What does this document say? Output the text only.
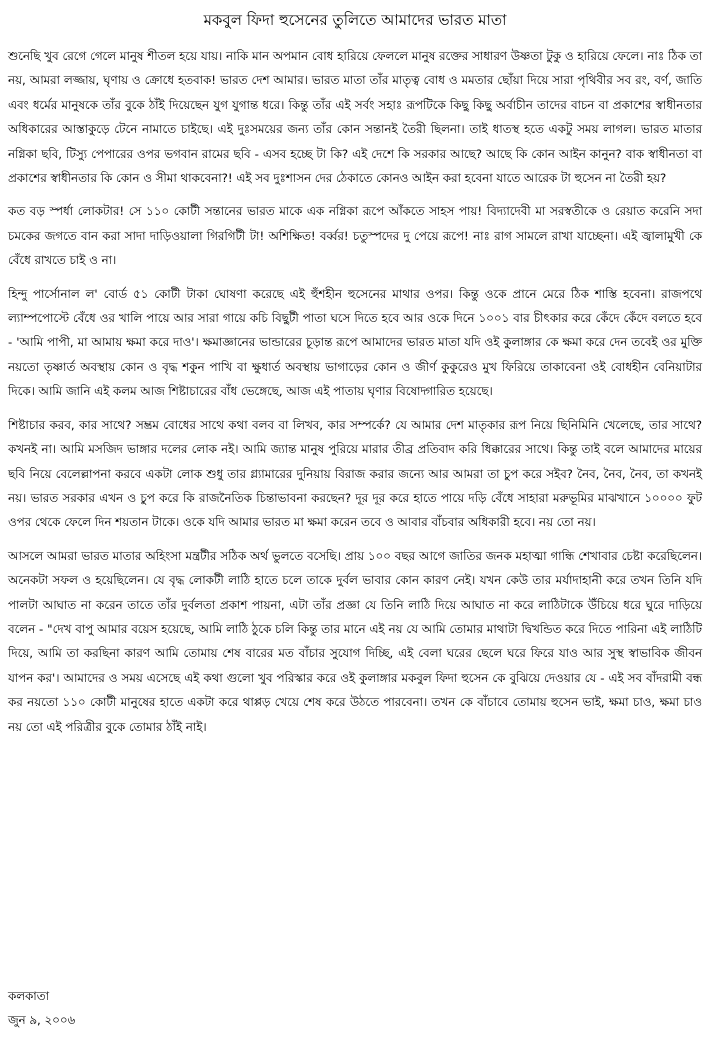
মকবুল ফিদা হুসেনের তুলিতে আমাদের ভারত মাতা

শুনেছি খুব রেগে গেলে মানুষ শীতল হয়ে যায়। নাকি মান অপমান বোধ হারিয়ে ফেললে মানুষ রক্তের সাধারণ উষ্ণতা টুকু ও হারিয়ে ফেলে। নাঃ ঠিক তা নয়, আমরা লজ্জায়, ঘৃণায় ও ক্রোধে হতবাক! ভারত দেশ আমার। ভারত মাতা তাঁর মাতৃত্ব বোধ ও মমতার ছোঁয়া দিয়ে সারা পৃথিবীর সব রং, বর্ণ, জাতি এবং ধর্মের মানুষকে তাঁর বুকে ঠাঁই দিয়েছেন যুগ যুগান্ত ধরে। কিন্তু তাঁর এই সর্বং সহাঃ রূপটিকে কিছু কিছু অর্বাচীন তাদের বাচন বা প্রকাশের স্বাধীনতার অধিকারের আস্তাকুড়ে টেনে নামাতে চাইছে। এই দুঃসময়ের জন্য তাঁর কোন সন্তানই তৈরী ছিলনা। তাই ধাতস্থ হতে একটু সময় লাগল। ভারত মাতার নগ্নিকা ছবি, টিস্যু পেপারের ওপর ভগবান রামের ছবি - এসব হচ্ছে টা কি? এই দেশে কি সরকার আছে? আছে কি কোন আইন কানুন? বাক স্বাধীনতা বা প্রকাশের স্বাধীনতার কি কোন ও সীমা থাকবেনা?! এই সব দুঃশাসন দের ঠেকাতে কোনও আইন করা হবেনা যাতে আরেক টা হুসেন না তৈরী হয়?

কত বড় স্পর্ধা লোকটার! সে ১১০ কোটী সন্তানের ভারত মাকে এক নগ্নিকা রূপে আঁকতে সাহস পায়! বিদ্যাদেবী মা সরস্বতীকে ও রেয়াত করেনি সদা চমকের জগতে বান করা সাদা দাড়িওয়ালা গিরগিটী টা! অশিক্ষিত! বর্ব্বর! চতুস্পদের দু পেয়ে রূপে! নাঃ রাগ সামলে রাখা যাচ্ছেনা। এই জ্বালামুখী কে বেঁধে রাখতে চাই ও না।

হিন্দু পার্সোনাল ল' বোর্ড ৫১ কোটী টাকা ঘোষণা করেছে এই হুঁশহীন হুসেনের মাথার ওপর। কিন্তু ওকে প্রানে মেরে ঠিক শাস্তি হবেনা। রাজপথে ল্যাম্পপোস্টে বেঁধে ওর খালি পায়ে আর সারা গায়ে কচি বিছুটী পাতা ঘসে দিতে হবে আর ওকে দিনে ১০০১ বার চীৎকার করে কেঁদে কেঁদে বলতে হবে - 'আমি পাপী, মা আমায় ক্ষমা করে দাও'। ক্ষমাজ্ঞানের ভান্ডারের চূড়ান্ত রূপে আমাদের ভারত মাতা যদি ওই কুলাঙ্গার কে ক্ষমা করে দেন তবেই ওর মুক্তি নয়তো তৃষ্ণার্ত অবস্থায় কোন ও বৃদ্ধ শকুন পাখি বা ক্ষুধার্ত অবস্থায় ভাগাড়ের কোন ও জীর্ণ কুকুরেও মুখ ফিরিয়ে তাকাবেনা ওই বোধহীন বেনিয়াটার দিকে। আমি জানি এই কলম আজ শিষ্টাচারের বাঁধ ভেঙ্গেছে, আজ এই পাতায় ঘৃণার বিষোদ্গারিত হয়েছে।

শিষ্টাচার করব, কার সাথে? সম্ভ্রম বোধের সাথে কথা বলব বা লিখব, কার সম্পর্কে? যে আমার দেশ মাতৃকার রূপ নিয়ে ছিনিমিনি খেলেছে, তার সাথে? কখনই না। আমি মসজিদ ভাঙ্গার দলের লোক নই। আমি জ্যান্ত মানুষ পুরিয়ে মারার তীব্র প্রতিবাদ করি ধিক্কারের সাথে। কিন্তু তাই বলে আমাদের মায়ের ছবি নিয়ে বেলেল্লাপনা করবে একটা লোক শুধু তার গ্ল্যামারের দুনিয়ায় বিরাজ করার জন্যে আর আমরা তা চুপ করে সইব? নৈব, নৈব, নৈব, তা কখনই নয়। ভারত সরকার এখন ও চুপ করে কি রাজনৈতিক চিন্তাভাবনা করছেন? দূর দূর করে হাতে পায়ে দড়ি বেঁধে সাহারা মরুভূমির মাঝখানে ১০০০০ ফুট ওপর থেকে ফেলে দিন শয়তান টাকে। ওকে যদি আমার ভারত মা ক্ষমা করেন তবে ও আবার বাঁচবার অধিকারী হবে। নয় তো নয়।

আসলে আমরা ভারত মাতার অহিংসা মন্ত্রটীর সঠিক অর্থ ভুলতে বসেছি। প্রায় ১০০ বছর আগে জাতির জনক মহাত্মা গান্ধি শেখাবার চেষ্টা করেছিলেন। অনেকটা সফল ও হয়েছিলেন। যে বৃদ্ধ লোকটী লাঠি হাতে চলে তাকে দুর্বল ভাবার কোন কারণ নেই। যখন কেউ তার মর্যাদাহানী করে তখন তিনি যদি পালটা আঘাত না করেন তাতে তাঁর দুর্বলতা প্রকাশ পায়না, এটা তাঁর প্রজ্ঞা যে তিনি লাঠি দিয়ে আঘাত না করে লাঠিটাকে উঁচিয়ে ধরে ঘুরে দাড়িয়ে বলেন - "দেখ বাপু আমার বয়েস হয়েছে, আমি লাঠি ঠুকে চলি কিন্তু তার মানে এই নয় যে আমি তোমার মাথাটা দ্বিখন্ডিত করে দিতে পারিনা এই লাঠিটি দিয়ে, আমি তা করছিনা কারণ আমি তোমায় শেষ বারের মত বাঁচার সুযোগ দিচ্ছি, এই বেলা ঘরের ছেলে ঘরে ফিরে যাও আর সুস্থ স্বাভাবিক জীবন যাপন কর'। আমাদের ও সময় এসেছে এই কথা গুলো খুব পরিস্কার করে ওই কুলাঙ্গার মকবুল ফিদা হুসেন কে বুঝিয়ে দেওয়ার যে - এই সব বাঁদরামী বন্ধ কর নয়তো ১১০ কোটী মানুষের হাতে একটা করে থাপ্পড় খেয়ে শেষ করে উঠতে পারবেনা। তখন কে বাঁচাবে তোমায় হুসেন ভাই, ক্ষমা চাও, ক্ষমা চাও নয় তো এই পরিত্রীর বুকে তোমার ঠাঁই নাই।

কলকাতা
জুন ৯, ২০০৬
